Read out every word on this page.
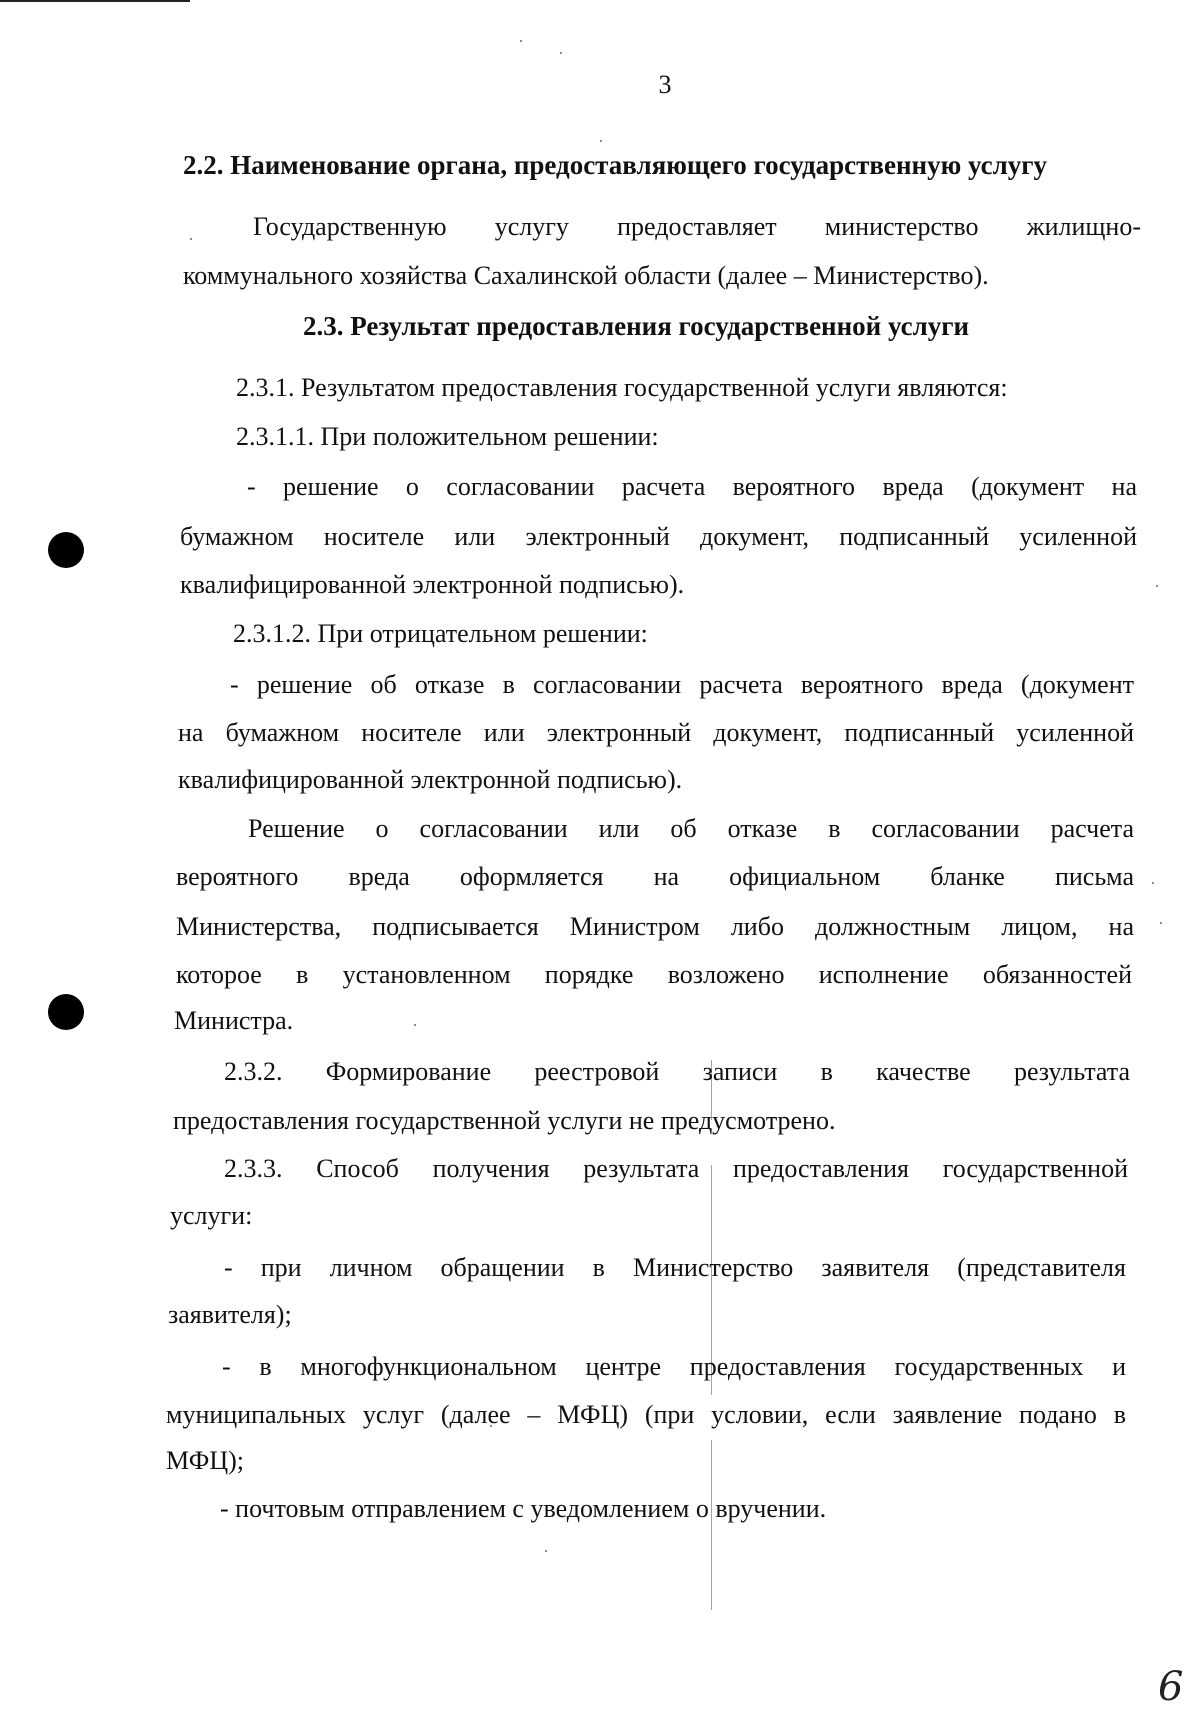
3
2.2. Наименование органа, предоставляющего государственную услугу
Государственную услугу предоставляет министерство жилищно-
коммунального хозяйства Сахалинской области (далее – Министерство).
2.3. Результат предоставления государственной услуги
2.3.1. Результатом предоставления государственной услуги являются:
2.3.1.1. При положительном решении:
- решение о согласовании расчета вероятного вреда (документ на
бумажном носителе или электронный документ, подписанный усиленной
квалифицированной электронной подписью).
2.3.1.2. При отрицательном решении:
- решение об отказе в согласовании расчета вероятного вреда (документ
на бумажном носителе или электронный документ, подписанный усиленной
квалифицированной электронной подписью).
Решение о согласовании или об отказе в согласовании расчета
вероятного вреда оформляется на официальном бланке письма
Министерства, подписывается Министром либо должностным лицом, на
которое в установленном порядке возложено исполнение обязанностей
Министра.
2.3.2. Формирование реестровой записи в качестве результата
предоставления государственной услуги не предусмотрено.
2.3.3. Способ получения результата предоставления государственной
услуги:
- при личном обращении в Министерство заявителя (представителя
заявителя);
- в многофункциональном центре предоставления государственных и
муниципальных услуг (далее – МФЦ) (при условии, если заявление подано в
МФЦ);
- почтовым отправлением с уведомлением о вручении.
6
